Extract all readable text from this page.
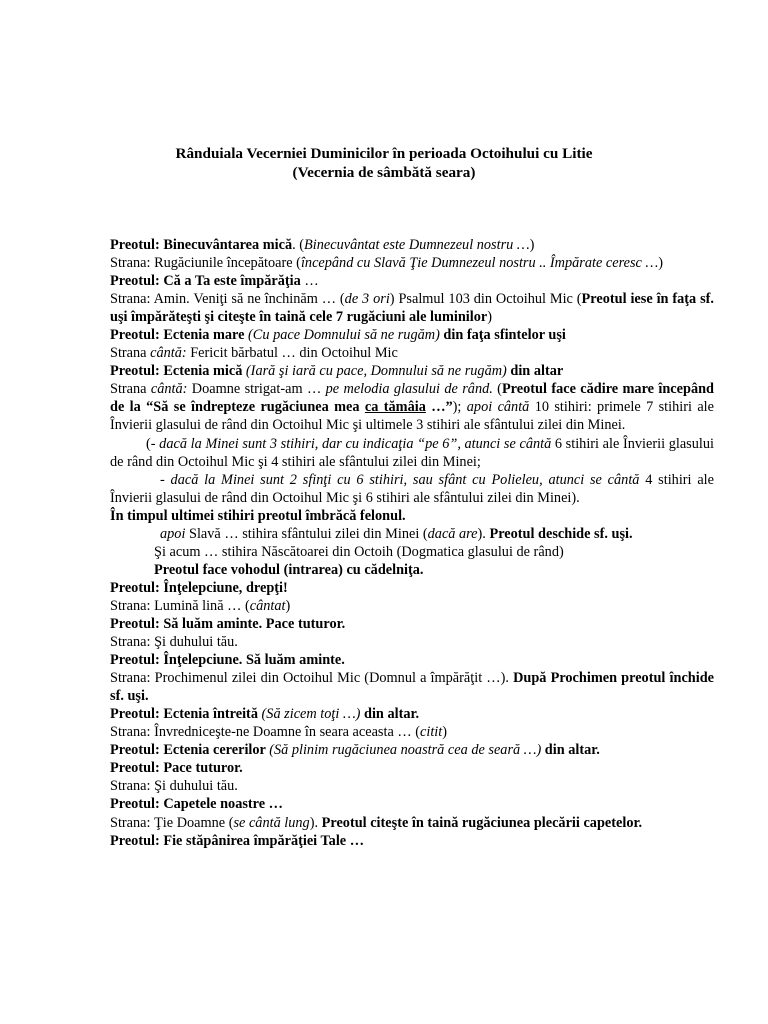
Rânduiala Vecerniei Duminicilor în perioada Octoihului cu Litie
(Vecernia de sâmbătă seara)

Preotul: Binecuvântarea mică. (Binecuvântat este Dumnezeul nostru …)

Strana: Rugăciunile începătoare (începând cu Slavă Ţie Dumnezeul nostru .. Împărate ceresc …)

Preotul: Că a Ta este împărăţia …

Strana: Amin. Veniţi să ne închinăm … (de 3 ori) Psalmul 103 din Octoihul Mic (Preotul iese în faţa sf. uşi împărăteşti şi citeşte în taină cele 7 rugăciuni ale luminilor)

Preotul: Ectenia mare (Cu pace Domnului să ne rugăm) din faţa sfintelor uşi

Strana cântă: Fericit bărbatul … din Octoihul Mic

Preotul: Ectenia mică (Iară şi iară cu pace, Domnului să ne rugăm) din altar

Strana cântă: Doamne strigat-am … pe melodia glasului de rând. (Preotul face cădire mare începând de la “Să se îndrepteze rugăciunea mea ca tămâia …”); apoi cântă 10 stihiri: primele 7 stihiri ale Învierii glasului de rând din Octoihul Mic şi ultimele 3 stihiri ale sfântului zilei din Minei.

(- dacă la Minei sunt 3 stihiri, dar cu indicaţia “pe 6”, atunci se cântă 6 stihiri ale Învierii glasului de rând din Octoihul Mic şi 4 stihiri ale sfântului zilei din Minei;

- dacă la Minei sunt 2 sfinţi cu 6 stihiri, sau sfânt cu Polieleu, atunci se cântă 4 stihiri ale Învierii glasului de rând din Octoihul Mic şi 6 stihiri ale sfântului zilei din Minei).

În timpul ultimei stihiri preotul îmbrăcă felonul.

apoi Slavă … stihira sfântului zilei din Minei (dacă are). Preotul deschide sf. uşi.

Şi acum … stihira Născătoarei din Octoih (Dogmatica glasului de rând)

Preotul face vohodul (intrarea) cu cădelniţa.

Preotul: Înţelepciune, drepţi!

Strana: Lumină lină … (cântat)

Preotul: Să luăm aminte. Pace tuturor.

Strana: Şi duhului tău.

Preotul: Înţelepciune. Să luăm aminte.

Strana: Prochimenul zilei din Octoihul Mic (Domnul a împărăţit …). După Prochimen preotul închide sf. uşi.

Preotul: Ectenia întreită (Să zicem toţi …) din altar.

Strana: Învredniceşte-ne Doamne în seara aceasta … (citit)

Preotul: Ectenia cererilor (Să plinim rugăciunea noastră cea de seară …) din altar.

Preotul: Pace tuturor.

Strana: Şi duhului tău.

Preotul: Capetele noastre …

Strana: Ţie Doamne (se cântă lung). Preotul citeşte în taină rugăciunea plecării capetelor.

Preotul: Fie stăpânirea împărăţiei Tale …
